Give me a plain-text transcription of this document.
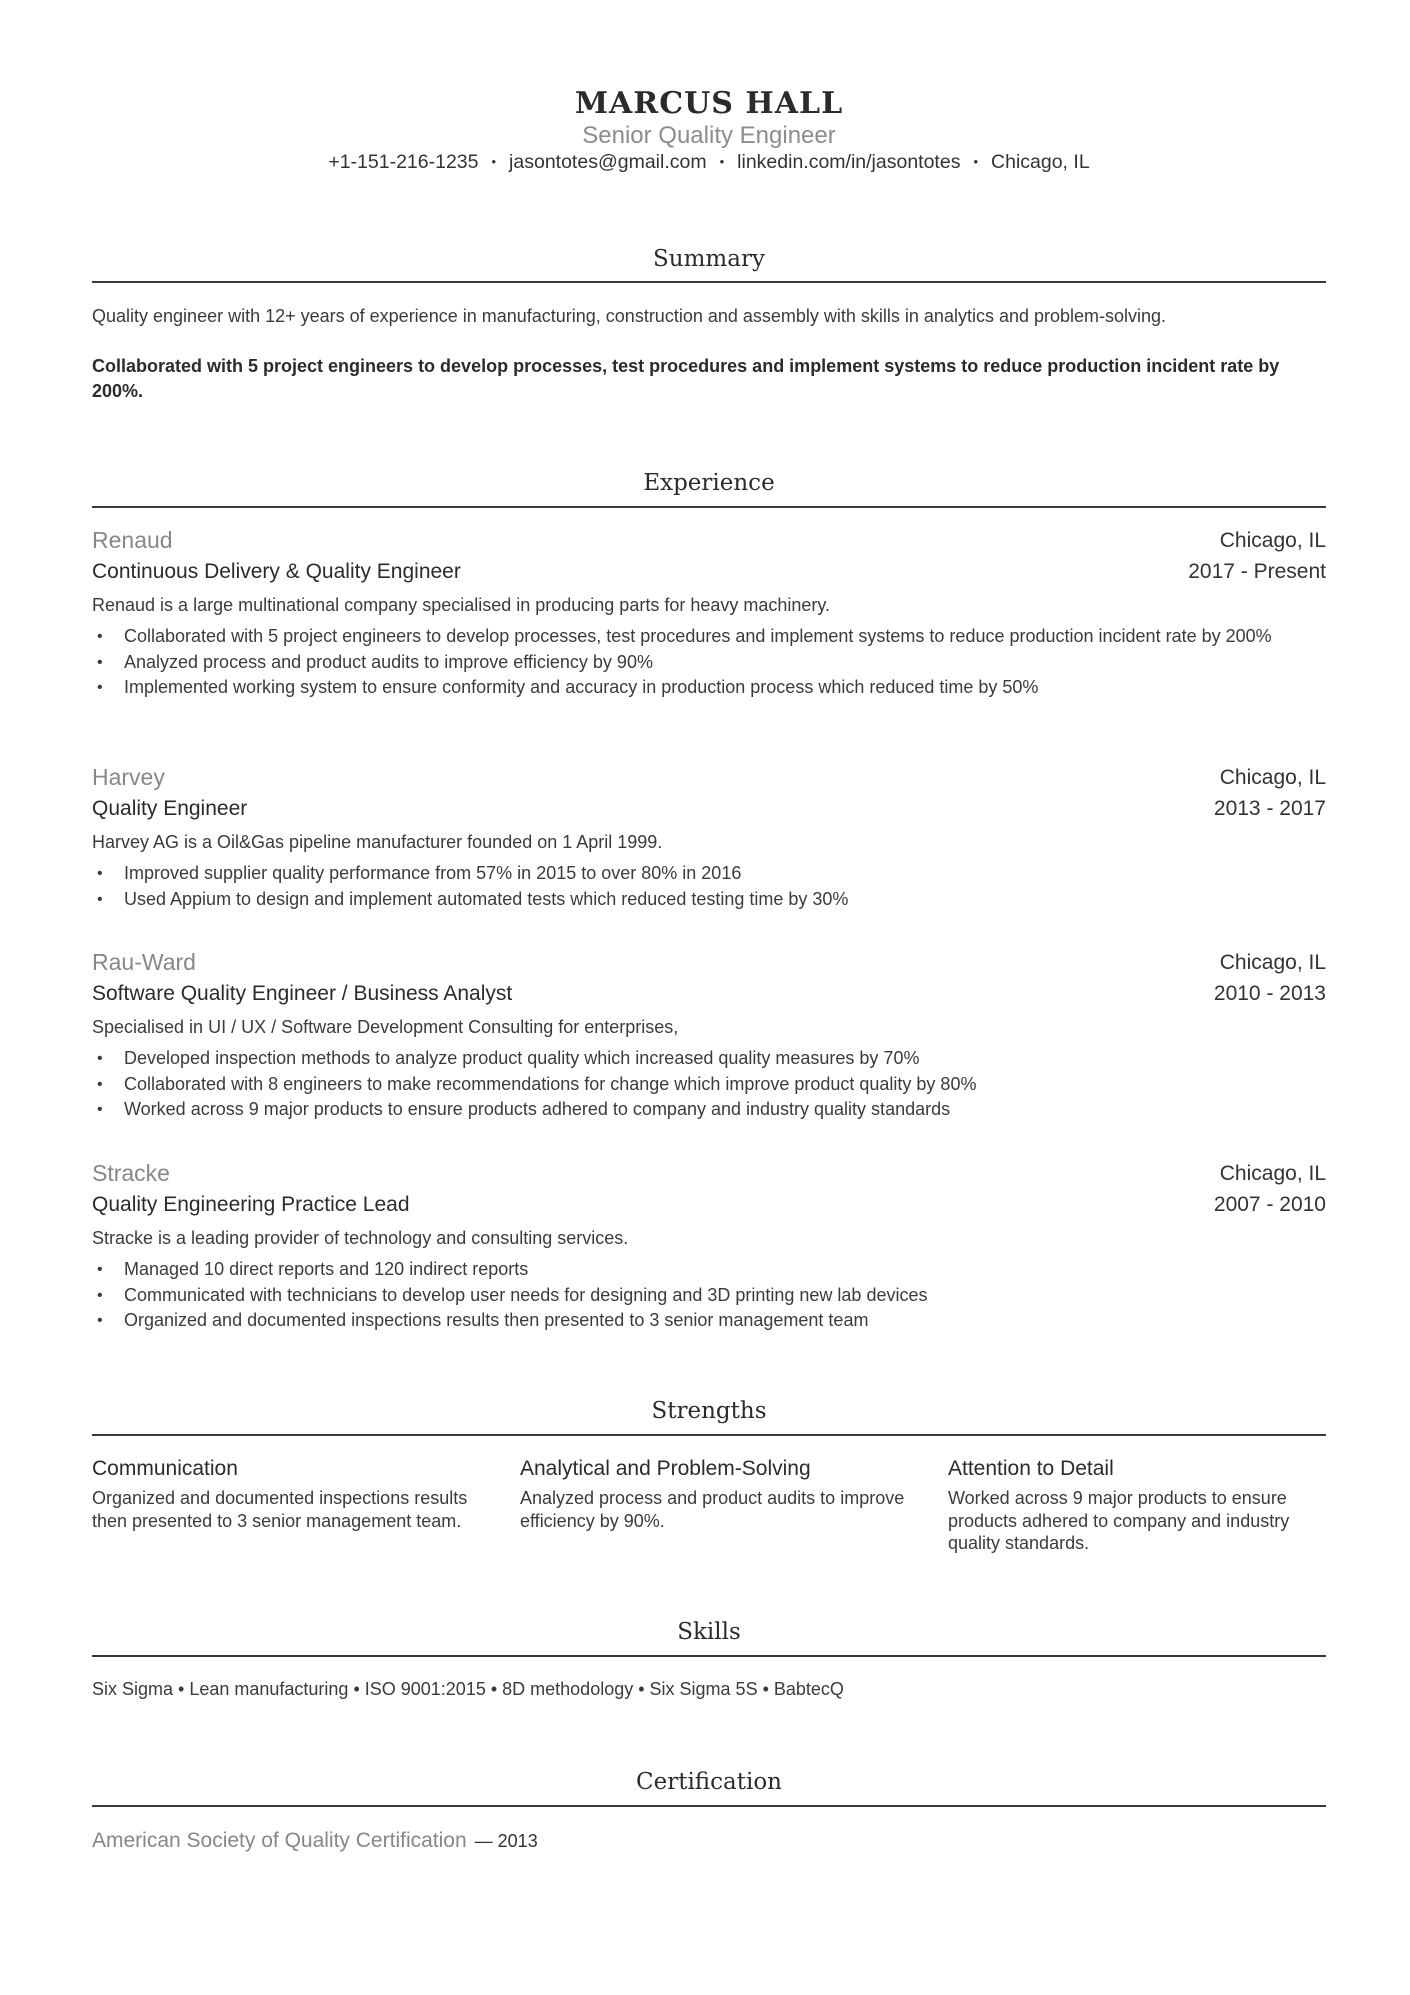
MARCUS HALL
Senior Quality Engineer
+1-151-216-1235 • jasontotes@gmail.com • linkedin.com/in/jasontotes • Chicago, IL
Summary
Quality engineer with 12+ years of experience in manufacturing, construction and assembly with skills in analytics and problem-solving.
Collaborated with 5 project engineers to develop processes, test procedures and implement systems to reduce production incident rate by 200%.
Experience
Renaud	Chicago, IL
Continuous Delivery & Quality Engineer	2017 - Present
Renaud is a large multinational company specialised in producing parts for heavy machinery.
• Collaborated with 5 project engineers to develop processes, test procedures and implement systems to reduce production incident rate by 200%
• Analyzed process and product audits to improve efficiency by 90%
• Implemented working system to ensure conformity and accuracy in production process which reduced time by 50%
Harvey	Chicago, IL
Quality Engineer	2013 - 2017
Harvey AG is a Oil&Gas pipeline manufacturer founded on 1 April 1999.
• Improved supplier quality performance from 57% in 2015 to over 80% in 2016
• Used Appium to design and implement automated tests which reduced testing time by 30%
Rau-Ward	Chicago, IL
Software Quality Engineer / Business Analyst	2010 - 2013
Specialised in UI / UX / Software Development Consulting for enterprises,
• Developed inspection methods to analyze product quality which increased quality measures by 70%
• Collaborated with 8 engineers to make recommendations for change which improve product quality by 80%
• Worked across 9 major products to ensure products adhered to company and industry quality standards
Stracke	Chicago, IL
Quality Engineering Practice Lead	2007 - 2010
Stracke is a leading provider of technology and consulting services.
• Managed 10 direct reports and 120 indirect reports
• Communicated with technicians to develop user needs for designing and 3D printing new lab devices
• Organized and documented inspections results then presented to 3 senior management team
Strengths
Communication
Organized and documented inspections results then presented to 3 senior management team.
Analytical and Problem-Solving
Analyzed process and product audits to improve efficiency by 90%.
Attention to Detail
Worked across 9 major products to ensure products adhered to company and industry quality standards.
Skills
Six Sigma • Lean manufacturing • ISO 9001:2015 • 8D methodology • Six Sigma 5S • BabtecQ
Certification
American Society of Quality Certification — 2013
